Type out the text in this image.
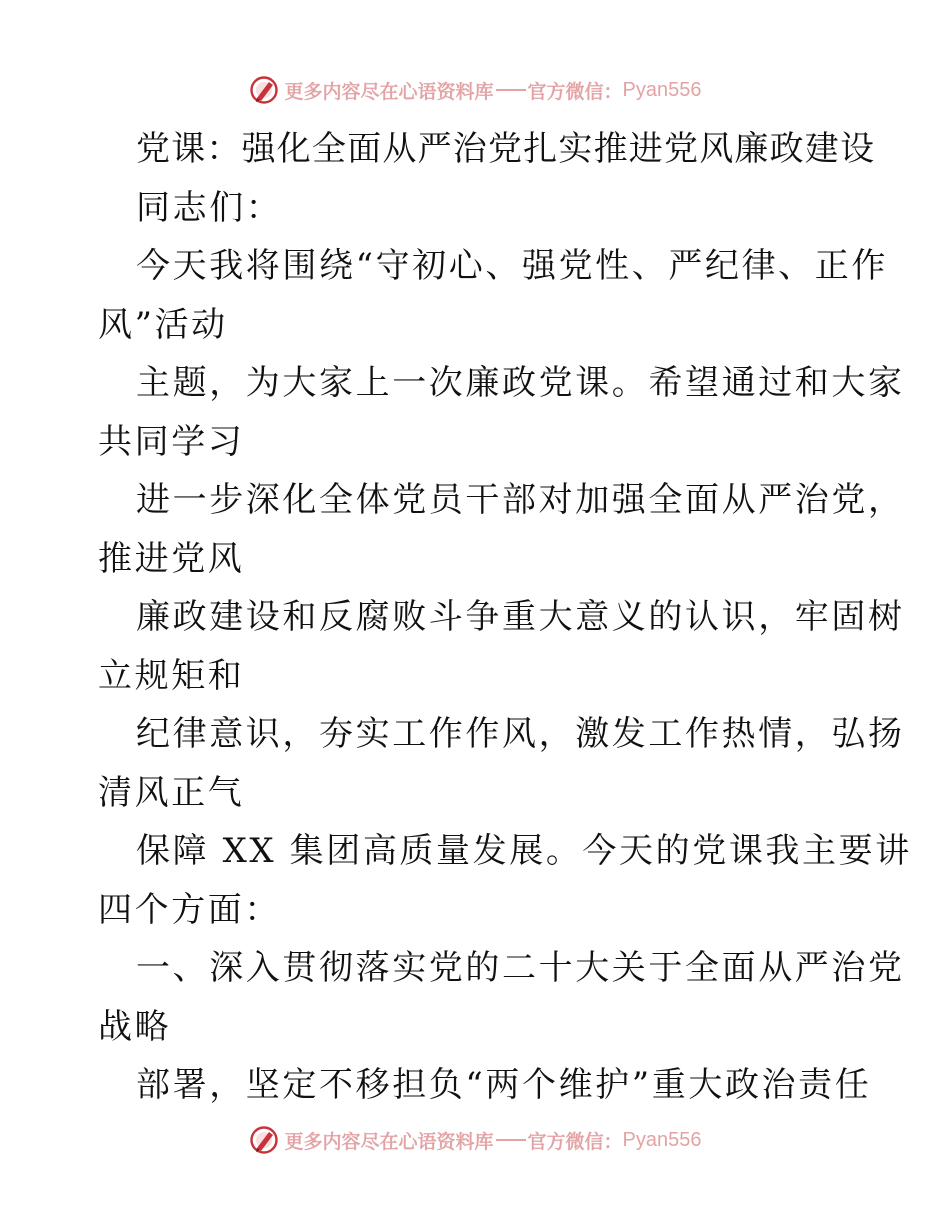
更多内容尽在心语资料库 官方微信： Pyan556
党课：强化全面从严治党扎实推进党风廉政建设
同志们：
今天我将围绕“守初心、强党性、严纪律、正作
风”活动
主题，为大家上一次廉政党课。希望通过和大家
共同学习
进一步深化全体党员干部对加强全面从严治党，
推进党风
廉政建设和反腐败斗争重大意义的认识，牢固树
立规矩和
纪律意识，夯实工作作风，激发工作热情，弘扬
清风正气
保障 XX 集团高质量发展。今天的党课我主要讲
四个方面：
一、深入贯彻落实党的二十大关于全面从严治党
战略
部署，坚定不移担负“两个维护”重大政治责任
更多内容尽在心语资料库 官方微信： Pyan556
